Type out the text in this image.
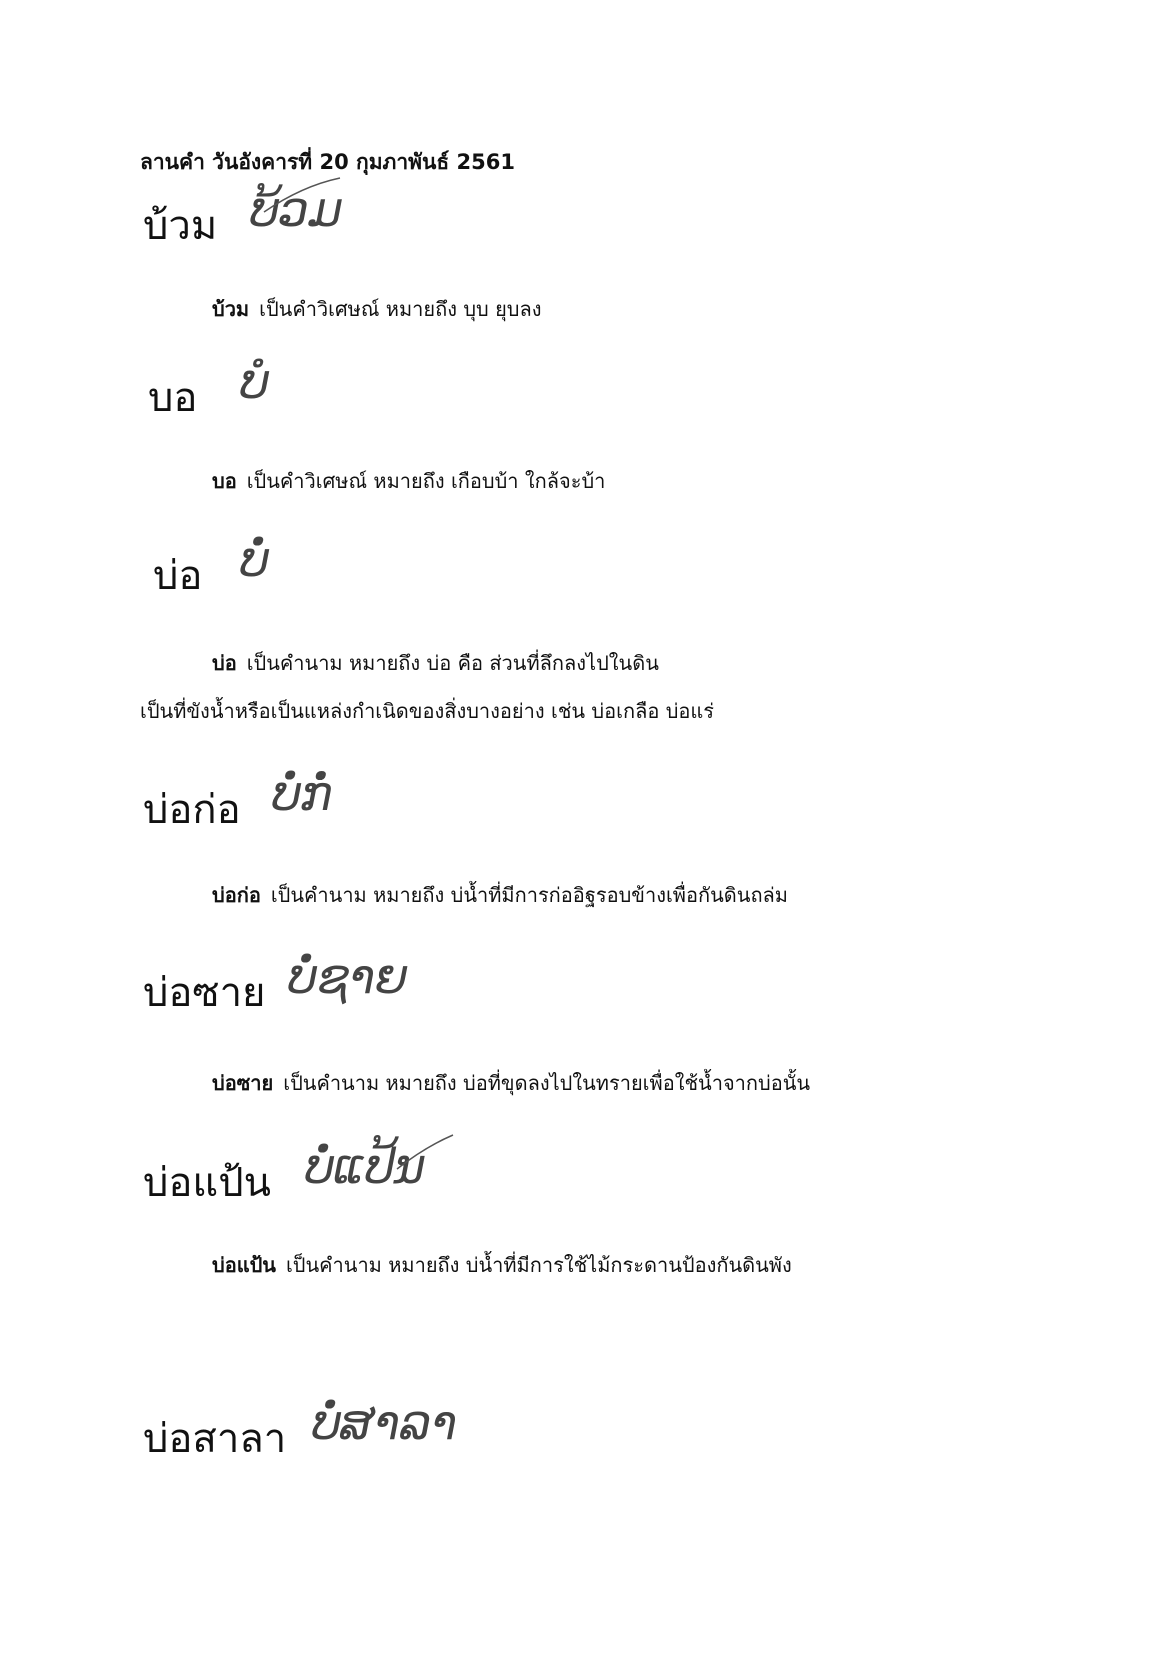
ลานคำ วันอังคารที่ 20 กุมภาพันธ์ 2561
บ้วม ບ້ວມ
บ้วม เป็นคำวิเศษณ์ หมายถึง บุบ ยุบลง
บอ ບໍ
บอ เป็นคำวิเศษณ์ หมายถึง เกือบบ้า ใกล้จะบ้า
บ่อ ບໍ່
บ่อ เป็นคำนาม หมายถึง บ่อ คือ ส่วนที่ลึกลงไปในดิน
เป็นที่ขังน้ำหรือเป็นแหล่งกำเนิดของสิ่งบางอย่าง เช่น บ่อเกลือ บ่อแร่
บ่อก่อ ບໍ່ກໍ່
บ่อก่อ เป็นคำนาม หมายถึง บ่น้ำที่มีการก่ออิฐรอบข้างเพื่อกันดินถล่ม
บ่อซาย ບໍ່ຊາຍ
บ่อซาย เป็นคำนาม หมายถึง บ่อที่ขุดลงไปในทรายเพื่อใช้น้ำจากบ่อนั้น
บ่อแป้น ບໍ່ແປ້ນ
บ่อแป้น เป็นคำนาม หมายถึง บ่น้ำที่มีการใช้ไม้กระดานป้องกันดินพัง
บ่อสาลา ບໍ່ສາລາ
